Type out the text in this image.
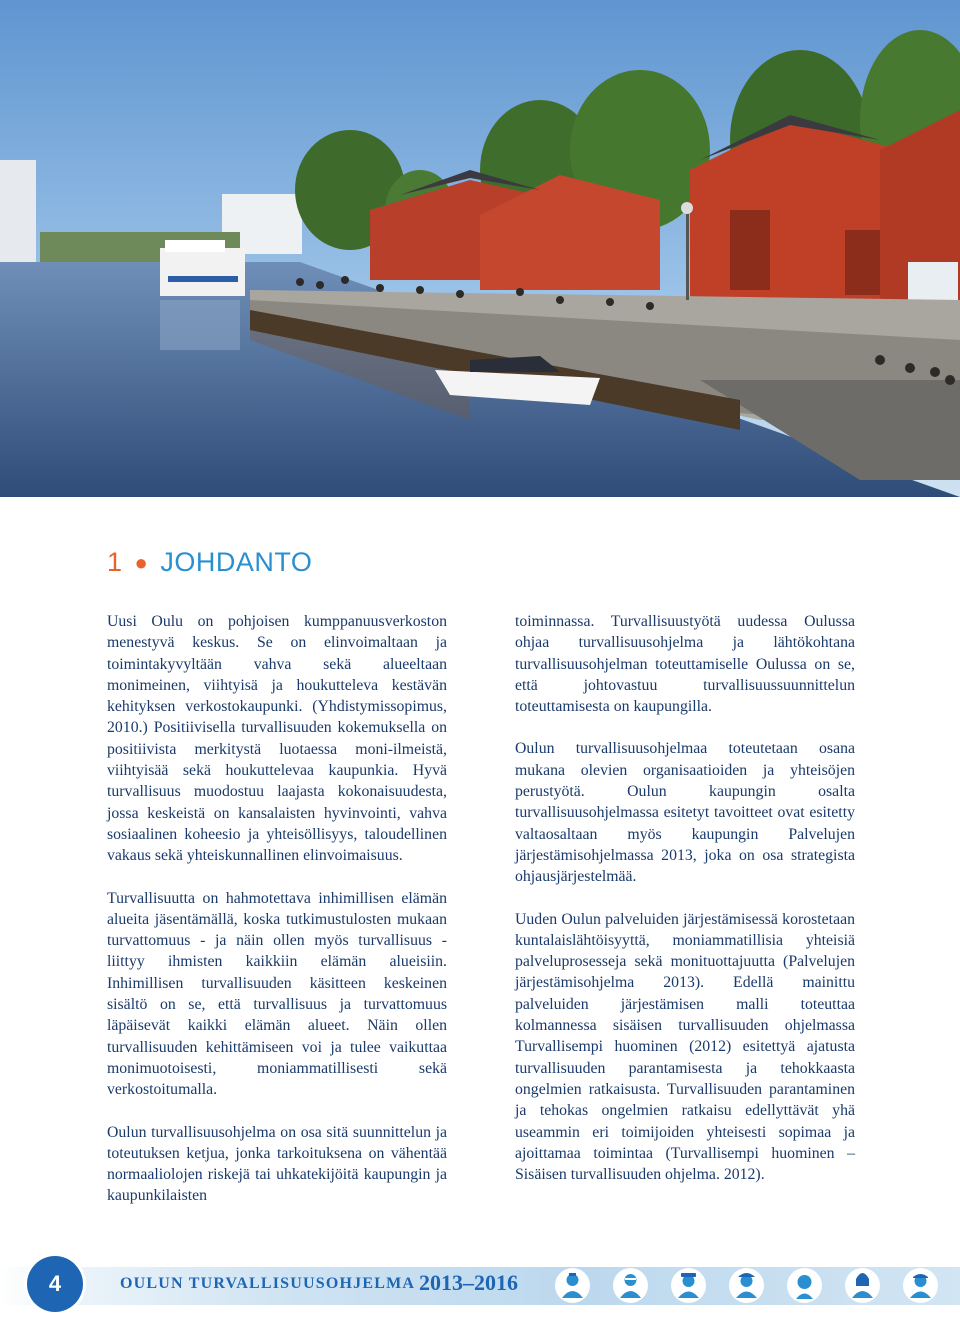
1 ● JOHDANTO

Uusi Oulu on pohjoisen kumppanuusverkoston menestyvä keskus. Se on elinvoimaltaan ja toimintakyvyltään vahva sekä alueeltaan monimeinen, viihtyisä ja houkutteleva kestävän kehityksen verkostokaupunki. (Yhdistymissopimus, 2010.) Positiivisella turvallisuuden kokemuksella on positiivista merkitystä luotaessa moni-ilmeistä, viihtyisää sekä houkuttelevaa kaupunkia. Hyvä turvallisuus muodostuu laajasta kokonaisuudesta, jossa keskeistä on kansalaisten hyvinvointi, vahva sosiaalinen koheesio ja yhteisöllisyys, taloudellinen vakaus sekä yhteiskunnallinen elinvoimaisuus.

Turvallisuutta on hahmotettava inhimillisen elämän alueita jäsentämällä, koska tutkimustulosten mukaan turvattomuus - ja näin ollen myös turvallisuus - liittyy ihmisten kaikkiin elämän alueisiin. Inhimillisen turvallisuuden käsitteen keskeinen sisältö on se, että turvallisuus ja turvattomuus läpäisevät kaikki elämän alueet. Näin ollen turvallisuuden kehittämiseen voi ja tulee vaikuttaa monimuotoisesti, moniammatillisesti sekä verkostoitumalla.

Oulun turvallisuusohjelma on osa sitä suunnittelun ja toteutuksen ketjua, jonka tarkoituksena on vähentää normaaliolojen riskejä tai uhkatekijöitä kaupungin ja kaupunkilaisten

toiminnassa. Turvallisuustyötä uudessa Oulussa ohjaa turvallisuusohjelma ja lähtökohtana turvallisuusohjelman toteuttamiselle Oulussa on se, että johtovastuu turvallisuussuunnittelun toteuttamisesta on kaupungilla.

Oulun turvallisuusohjelmaa toteutetaan osana mukana olevien organisaatioiden ja yhteisöjen perustyötä. Oulun kaupungin osalta turvallisuusohjelmassa esitetyt tavoitteet ovat esitetty valtaosaltaan myös kaupungin Palvelujen järjestämisohjelmassa 2013, joka on osa strategista ohjausjärjestelmää.

Uuden Oulun palveluiden järjestämisessä korostetaan kuntalaislähtöisyyttä, moniammatillisia yhteisiä palveluprosesseja sekä monituottajuutta (Palvelujen järjestämisohjelma 2013). Edellä mainittu palveluiden järjestämisen malli toteuttaa kolmannessa sisäisen turvallisuuden ohjelmassa Turvallisempi huominen (2012) esitettyä ajatusta turvallisuuden parantamisesta ja tehokkaasta ongelmien ratkaisusta. Turvallisuuden parantaminen ja tehokas ongelmien ratkaisu edellyttävät yhä useammin eri toimijoiden yhteisesti sopimaa ja ajoittamaa toimintaa (Turvallisempi huominen – Sisäisen turvallisuuden ohjelma. 2012).

4	OULUN TURVALLISUUSOHJELMA 2013–2016
